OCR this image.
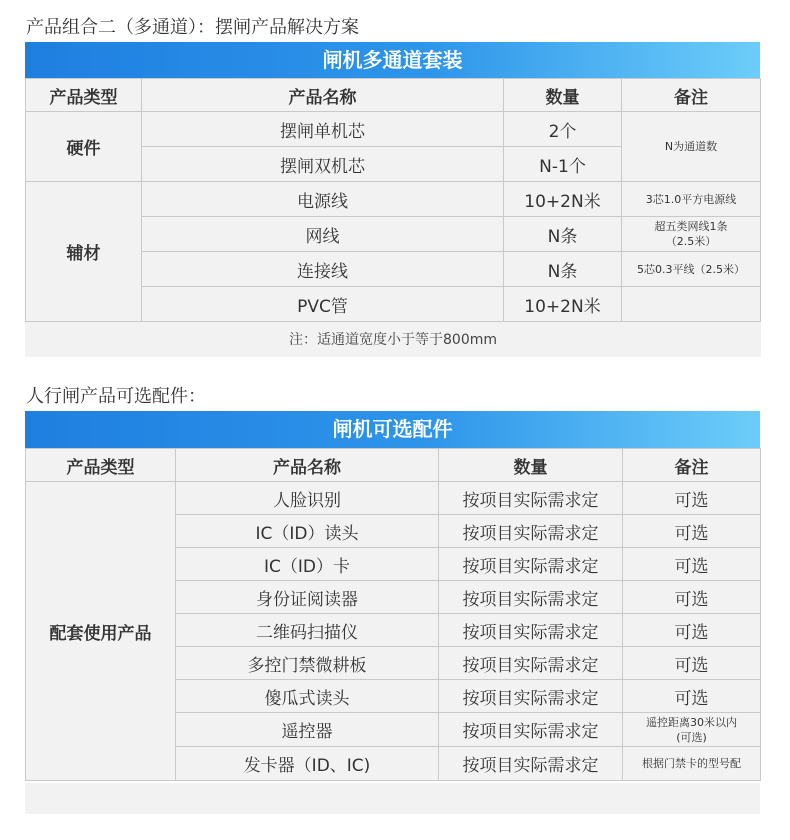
产品组合二（多通道）：摆闸产品解决方案
闸机多通道套装
产品类型	产品名称	数量	备注
硬件	摆闸单机芯	2个	N为通道数
	摆闸双机芯	N-1个	
辅材	电源线	10+2N米	3芯1.0平方电源线
	网线	N条	超五类网线1条
（2.5米）

	连接线	N条	5芯0.3平线（2.5米）
	PVC管	10+2N米	
注：适通道宽度小于等于800mm			
人行闸产品可选配件：
闸机可选配件
产品类型	产品名称	数量	备注
配套使用产品	人脸识别	按项目实际需求定	可选
	IC（ID）读头	按项目实际需求定	可选
	IC（ID）卡	按项目实际需求定	可选
	身份证阅读器	按项目实际需求定	可选
	二维码扫描仪	按项目实际需求定	可选
	多控门禁微耕板	按项目实际需求定	可选
	傻瓜式读头	按项目实际需求定	可选
	遥控器	按项目实际需求定	遥控距离30米以内
(可选)

	发卡器（ID、IC)	按项目实际需求定	根据门禁卡的型号配
